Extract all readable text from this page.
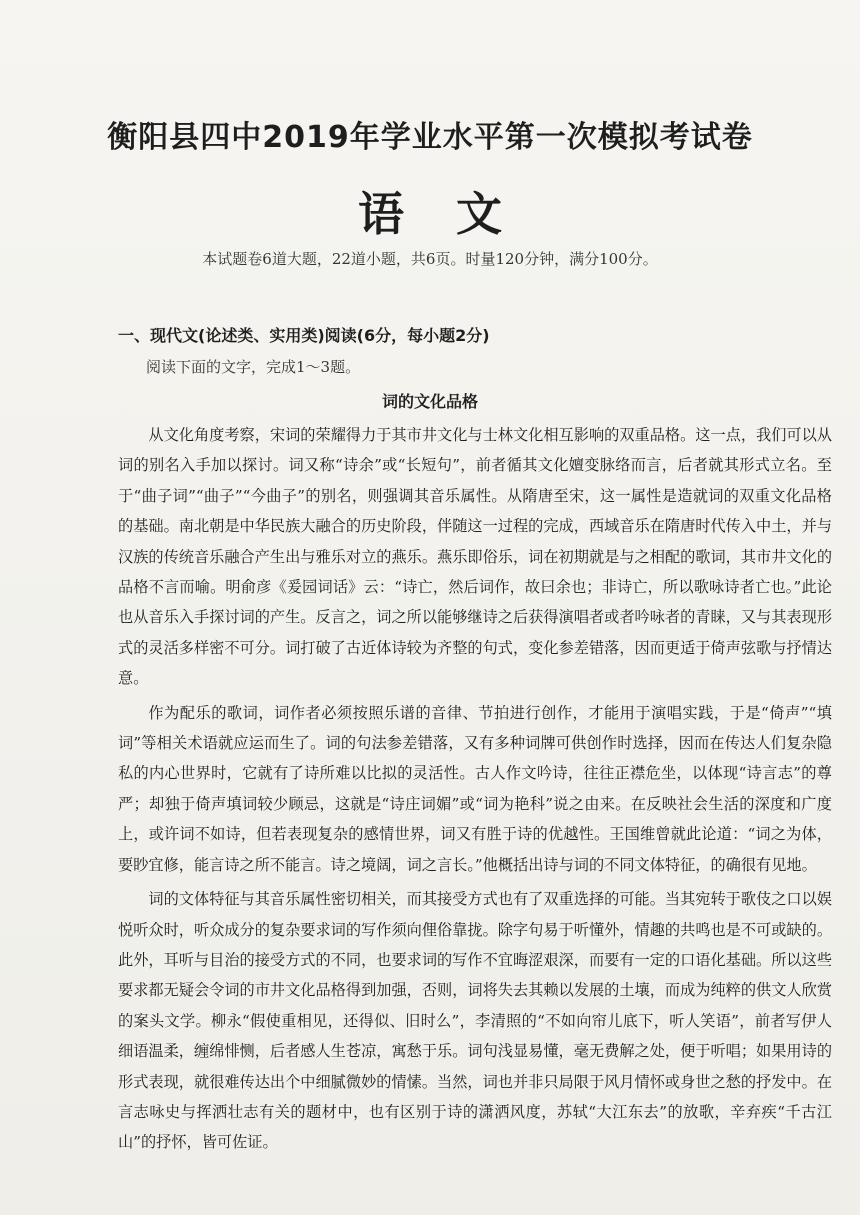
衡阳县四中2019年学业水平第一次模拟考试卷
语 文
本试题卷6道大题，22道小题，共6页。时量120分钟，满分100分。
一、现代文(论述类、实用类)阅读(6分，每小题2分)
阅读下面的文字，完成1～3题。
词的文化品格

从文化角度考察，宋词的荣耀得力于其市井文化与士林文化相互影响的双重品格。这一点，我们可以从词的别名入手加以探讨。词又称“诗余”或“长短句”，前者循其文化嬗变脉络而言，后者就其形式立名。至于“曲子词”“曲子”“今曲子”的别名，则强调其音乐属性。从隋唐至宋，这一属性是造就词的双重文化品格的基础。南北朝是中华民族大融合的历史阶段，伴随这一过程的完成，西域音乐在隋唐时代传入中土，并与汉族的传统音乐融合产生出与雅乐对立的燕乐。燕乐即俗乐，词在初期就是与之相配的歌词，其市井文化的品格不言而喻。明俞彦《爰园词话》云：“诗亡，然后词作，故曰余也；非诗亡，所以歌咏诗者亡也。”此论也从音乐入手探讨词的产生。反言之，词之所以能够继诗之后获得演唱者或者吟咏者的青睐，又与其表现形式的灵活多样密不可分。词打破了古近体诗较为齐整的句式，变化参差错落，因而更适于倚声弦歌与抒情达意。

作为配乐的歌词，词作者必须按照乐谱的音律、节拍进行创作，才能用于演唱实践，于是“倚声”“填词”等相关术语就应运而生了。词的句法参差错落，又有多种词牌可供创作时选择，因而在传达人们复杂隐私的内心世界时，它就有了诗所难以比拟的灵活性。古人作文吟诗，往往正襟危坐，以体现“诗言志”的尊严；却独于倚声填词较少顾忌，这就是“诗庄词媚”或“词为艳科”说之由来。在反映社会生活的深度和广度上，或许词不如诗，但若表现复杂的感情世界，词又有胜于诗的优越性。王国维曾就此论道：“词之为体，要眇宜修，能言诗之所不能言。诗之境阔，词之言长。”他概括出诗与词的不同文体特征，的确很有见地。

词的文体特征与其音乐属性密切相关，而其接受方式也有了双重选择的可能。当其宛转于歌伎之口以娱悦听众时，听众成分的复杂要求词的写作须向俚俗靠拢。除字句易于听懂外，情趣的共鸣也是不可或缺的。此外，耳听与目治的接受方式的不同，也要求词的写作不宜晦涩艰深，而要有一定的口语化基础。所以这些要求都无疑会令词的市井文化品格得到加强，否则，词将失去其赖以发展的土壤，而成为纯粹的供文人欣赏的案头文学。柳永“假使重相见，还得似、旧时么”，李清照的“不如向帘儿底下，听人笑语”，前者写伊人细语温柔，缠绵悱恻，后者感人生苍凉，寓愁于乐。词句浅显易懂，毫无费解之处，便于听唱；如果用诗的形式表现，就很难传达出个中细腻微妙的情愫。当然，词也并非只局限于风月情怀或身世之愁的抒发中。在言志咏史与挥洒壮志有关的题材中，也有区别于诗的潇洒风度，苏轼“大江东去”的放歌，辛弃疾“千古江山”的抒怀，皆可佐证。
